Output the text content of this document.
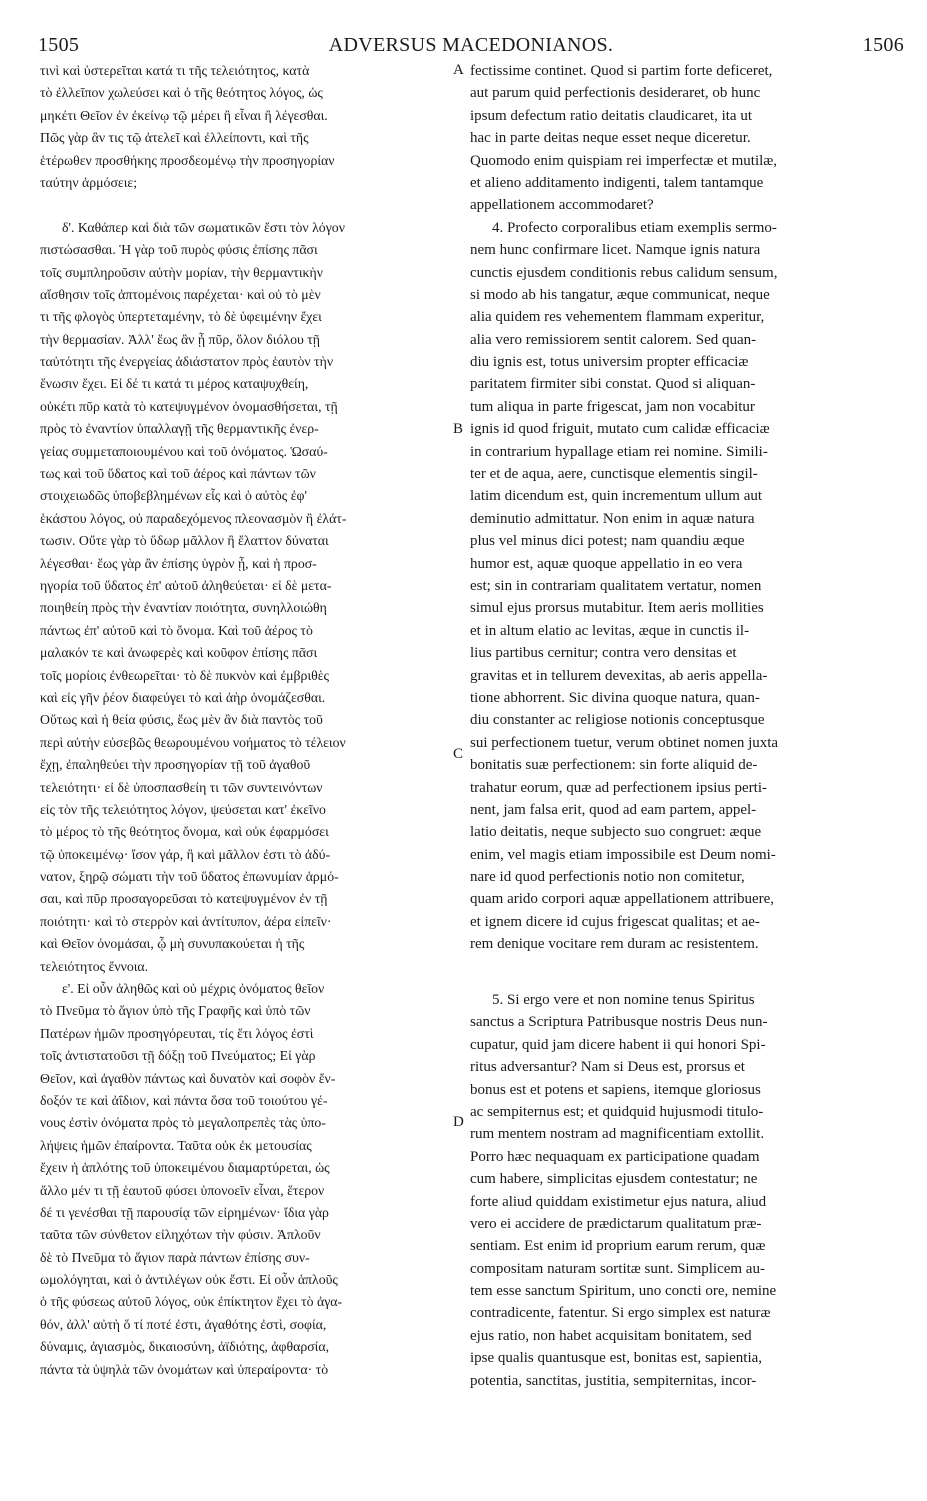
1505	ADVERSUS MACEDONIANOS.	1506
τινὶ καὶ ὑστερεῖται κατά τι τῆς τελειότητος, κατὰ
τὸ ἐλλεῖπον χωλεύσει καὶ ὁ τῆς θεότητος λόγος, ὡς
μηκέτι Θεῖον ἐν ἐκείνῳ τῷ μέρει ἢ εἶναι ἢ λέγεσθαι.
Πῶς γὰρ ἂν τις τῷ ἀτελεῖ καὶ ἐλλείποντι, καὶ τῆς
ἑτέρωθεν προσθήκης προσδεομένῳ τὴν προσηγορίαν
ταύτην ἁρμόσειε;
δ'. Καθάπερ καὶ διὰ τῶν σωματικῶν ἔστι τὸν λόγον
πιστώσασθαι. Ἡ γὰρ τοῦ πυρὸς φύσις ἐπίσης πᾶσι
τοῖς συμπληροῦσιν αὐτὴν μορίαν, τὴν θερμαντικὴν
αἴσθησιν τοῖς ἁπτομένοις παρέχεται· καὶ οὐ τὸ μὲν
τι τῆς φλογὸς ὑπερτεταμένην, τὸ δὲ ὑφειμένην ἔχει
τὴν θερμασίαν. Ἀλλ' ἕως ἂν ᾖ πῦρ, ὅλον διόλου τῇ
ταὐτότητι τῆς ἐνεργείας ἀδιάστατον πρὸς ἑαυτὸν τὴν
ἕνωσιν ἔχει. Εἰ δέ τι κατά τι μέρος καταψυχθείη,
οὐκέτι πῦρ κατὰ τὸ κατεψυγμένον ὀνομασθήσεται, τῇ
πρὸς τὸ ἐναντίον ὑπαλλαγῇ τῆς θερμαντικῆς ἐνερ-
γείας συμμεταποιουμένου καὶ τοῦ ὀνόματος. Ὡσαύ-
τως καὶ τοῦ ὕδατος καὶ τοῦ ἀέρος καὶ πάντων τῶν
στοιχειωδῶς ὑποβεβλημένων εἷς καὶ ὁ αὐτὸς ἐφ'
ἑκάστου λόγος, οὐ παραδεχόμενος πλεονασμὸν ἢ ἐλάτ-
τωσιν. Οὔτε γὰρ τὸ ὕδωρ μᾶλλον ἢ ἔλαττον δύναται
λέγεσθαι· ἕως γὰρ ἂν ἐπίσης ὑγρὸν ᾖ, καὶ ἡ προσ-
ηγορία τοῦ ὕδατος ἐπ' αὐτοῦ ἀληθεύεται· εἰ δὲ μετα-
ποιηθείη πρὸς τὴν ἐναντίαν ποιότητα, συνηλλοιώθη
πάντως ἐπ' αὐτοῦ καὶ τὸ ὄνομα. Καὶ τοῦ ἀέρος τὸ
μαλακόν τε καὶ ἀνωφερὲς καὶ κοῦφον ἐπίσης πᾶσι
τοῖς μορίοις ἐνθεωρεῖται· τὸ δὲ πυκνὸν καὶ ἐμβριθὲς
καὶ εἰς γῆν ῥέον διαφεύγει τὸ καὶ ἀὴρ ὀνομάζεσθαι.
Οὕτως καὶ ἡ θεία φύσις, ἕως μὲν ἂν διὰ παντὸς τοῦ
περὶ αὐτὴν εὐσεβῶς θεωρουμένου νοήματος τὸ τέλειον
ἔχῃ, ἐπαληθεύει τὴν προσηγορίαν τῇ τοῦ ἀγαθοῦ
τελειότητι· εἰ δὲ ὑποσπασθείη τι τῶν συντεινόντων
εἰς τὸν τῆς τελειότητος λόγον, ψεύσεται κατ' ἐκεῖνο
τὸ μέρος τὸ τῆς θεότητος ὄνομα, καὶ οὐκ ἐφαρμόσει
τῷ ὑποκειμένῳ· ἴσον γάρ, ἢ καὶ μᾶλλον ἐστι τὸ ἀδύ-
νατον, ξηρῷ σώματι τὴν τοῦ ὕδατος ἐπωνυμίαν ἁρμό-
σαι, καὶ πῦρ προσαγορεῦσαι τὸ κατεψυγμένον ἐν τῇ
ποιότητι· καὶ τὸ στερρὸν καὶ ἀντίτυπον, ἀέρα εἰπεῖν·
καὶ Θεῖον ὀνομάσαι, ᾧ μὴ συνυπακούεται ἡ τῆς
τελειότητος ἔννοια.
ε'. Εἰ οὖν ἀληθῶς καὶ οὐ μέχρις ὀνόματος θεῖον
τὸ Πνεῦμα τὸ ἅγιον ὑπὸ τῆς Γραφῆς καὶ ὑπὸ τῶν
Πατέρων ἡμῶν προσηγόρευται, τίς ἔτι λόγος ἐστὶ
τοῖς ἀντιστατοῦσι τῇ δόξῃ τοῦ Πνεύματος; Εἰ γὰρ
Θεῖον, καὶ ἀγαθὸν πάντως καὶ δυνατὸν καὶ σοφὸν ἔν-
δοξόν τε καὶ ἀΐδιον, καὶ πάντα ὅσα τοῦ τοιούτου γέ-
νους ἐστὶν ὀνόματα πρὸς τὸ μεγαλοπρεπὲς τὰς ὑπο-
λήψεις ἡμῶν ἐπαίροντα. Ταῦτα οὐκ ἐκ μετουσίας
ἔχειν ἡ ἁπλότης τοῦ ὑποκειμένου διαμαρτύρεται, ὡς
ἄλλο μέν τι τῇ ἑαυτοῦ φύσει ὑπονοεῖν εἶναι, ἕτερον
δέ τι γενέσθαι τῇ παρουσίᾳ τῶν εἰρημένων· ἴδια γὰρ
ταῦτα τῶν σύνθετον εἰληχότων τὴν φύσιν. Ἁπλοῦν
δὲ τὸ Πνεῦμα τὸ ἅγιον παρὰ πάντων ἐπίσης συν-
ωμολόγηται, καὶ ὁ ἀντιλέγων οὐκ ἔστι. Εἰ οὖν ἁπλοῦς
ὁ τῆς φύσεως αὐτοῦ λόγος, οὐκ ἐπίκτητον ἔχει τὸ ἀγα-
θόν, ἀλλ' αὐτὴ ὅ τί ποτέ ἐστι, ἀγαθότης ἐστὶ, σοφία,
δύναμις, ἁγιασμὸς, δικαιοσύνη, ἀϊδιότης, ἀφθαρσία,
πάντα τὰ ὑψηλὰ τῶν ὀνομάτων καὶ ὑπεραίροντα· τὸ
fectissime continet. Quod si partim forte deficeret,
aut parum quid perfectionis desideraret, ob hunc
ipsum defectum ratio deitatis claudicaret, ita ut
hac in parte deitas neque esset neque diceretur.
Quomodo enim quispiam rei imperfectæ et mutilæ,
et alieno additamento indigenti, talem tantamque
appellationem accommodaret?
4. Profecto corporalibus etiam exemplis sermo-
nem hunc confirmare licet. Namque ignis natura
cunctis ejusdem conditionis rebus calidum sensum,
si modo ab his tangatur, æque communicat, neque
alia quidem res vehementem flammam experitur,
alia vero remissiorem sentit calorem. Sed quan-
diu ignis est, totus universim propter efficaciæ
paritatem firmiter sibi constat. Quod si aliquan-
tum aliqua in parte frigescat, jam non vocabitur
ignis id quod friguit, mutato cum calidæ efficaciæ
in contrarium hypallage etiam rei nomine. Simili-
ter et de aqua, aere, cunctisque elementis singil-
latim dicendum est, quin incrementum ullum aut
deminutio admittatur. Non enim in aquæ natura
plus vel minus dici potest; nam quandiu æque
humor est, aquæ quoque appellatio in eo vera
est; sin in contrariam qualitatem vertatur, nomen
simul ejus prorsus mutabitur. Item aeris mollities
et in altum elatio ac levitas, æque in cunctis il-
lius partibus cernitur; contra vero densitas et
gravitas et in tellurem devexitas, ab aeris appella-
tione abhorrent. Sic divina quoque natura, quan-
diu constanter ac religiose notionis conceptusque
sui perfectionem tuetur, verum obtinet nomen juxta
bonitatis suæ perfectionem: sin forte aliquid de-
trahatur eorum, quæ ad perfectionem ipsius perti-
nent, jam falsa erit, quod ad eam partem, appel-
latio deitatis, neque subjecto suo congruet: æque
enim, vel magis etiam impossibile est Deum nomi-
nare id quod perfectionis notio non comitetur,
quam arido corpori aquæ appellationem attribuere,
et ignem dicere id cujus frigescat qualitas; et ae-
rem denique vocitare rem duram ac resistentem.
5. Si ergo vere et non nomine tenus Spiritus
sanctus a Scriptura Patribusque nostris Deus nun-
cupatur, quid jam dicere habent ii qui honori Spi-
ritus adversantur? Nam si Deus est, prorsus et
bonus est et potens et sapiens, itemque gloriosus
ac sempiternus est; et quidquid hujusmodi titulo-
rum mentem nostram ad magnificentiam extollit.
Porro hæc nequaquam ex participatione quadam
cum habere, simplicitas ejusdem contestatur; ne
forte aliud quiddam existimetur ejus natura, aliud
vero ei accidere de prædictarum qualitatum præ-
sentiam. Est enim id proprium earum rerum, quæ
compositam naturam sortitæ sunt. Simplicem au-
tem esse sanctum Spiritum, uno concti ore, nemine
contradicente, fatentur. Si ergo simplex est naturæ
ejus ratio, non habet acquisitam bonitatem, sed
ipse qualis quantusque est, bonitas est, sapientia,
potentia, sanctitas, justitia, sempiternitas, incor-
A
B
C
D
